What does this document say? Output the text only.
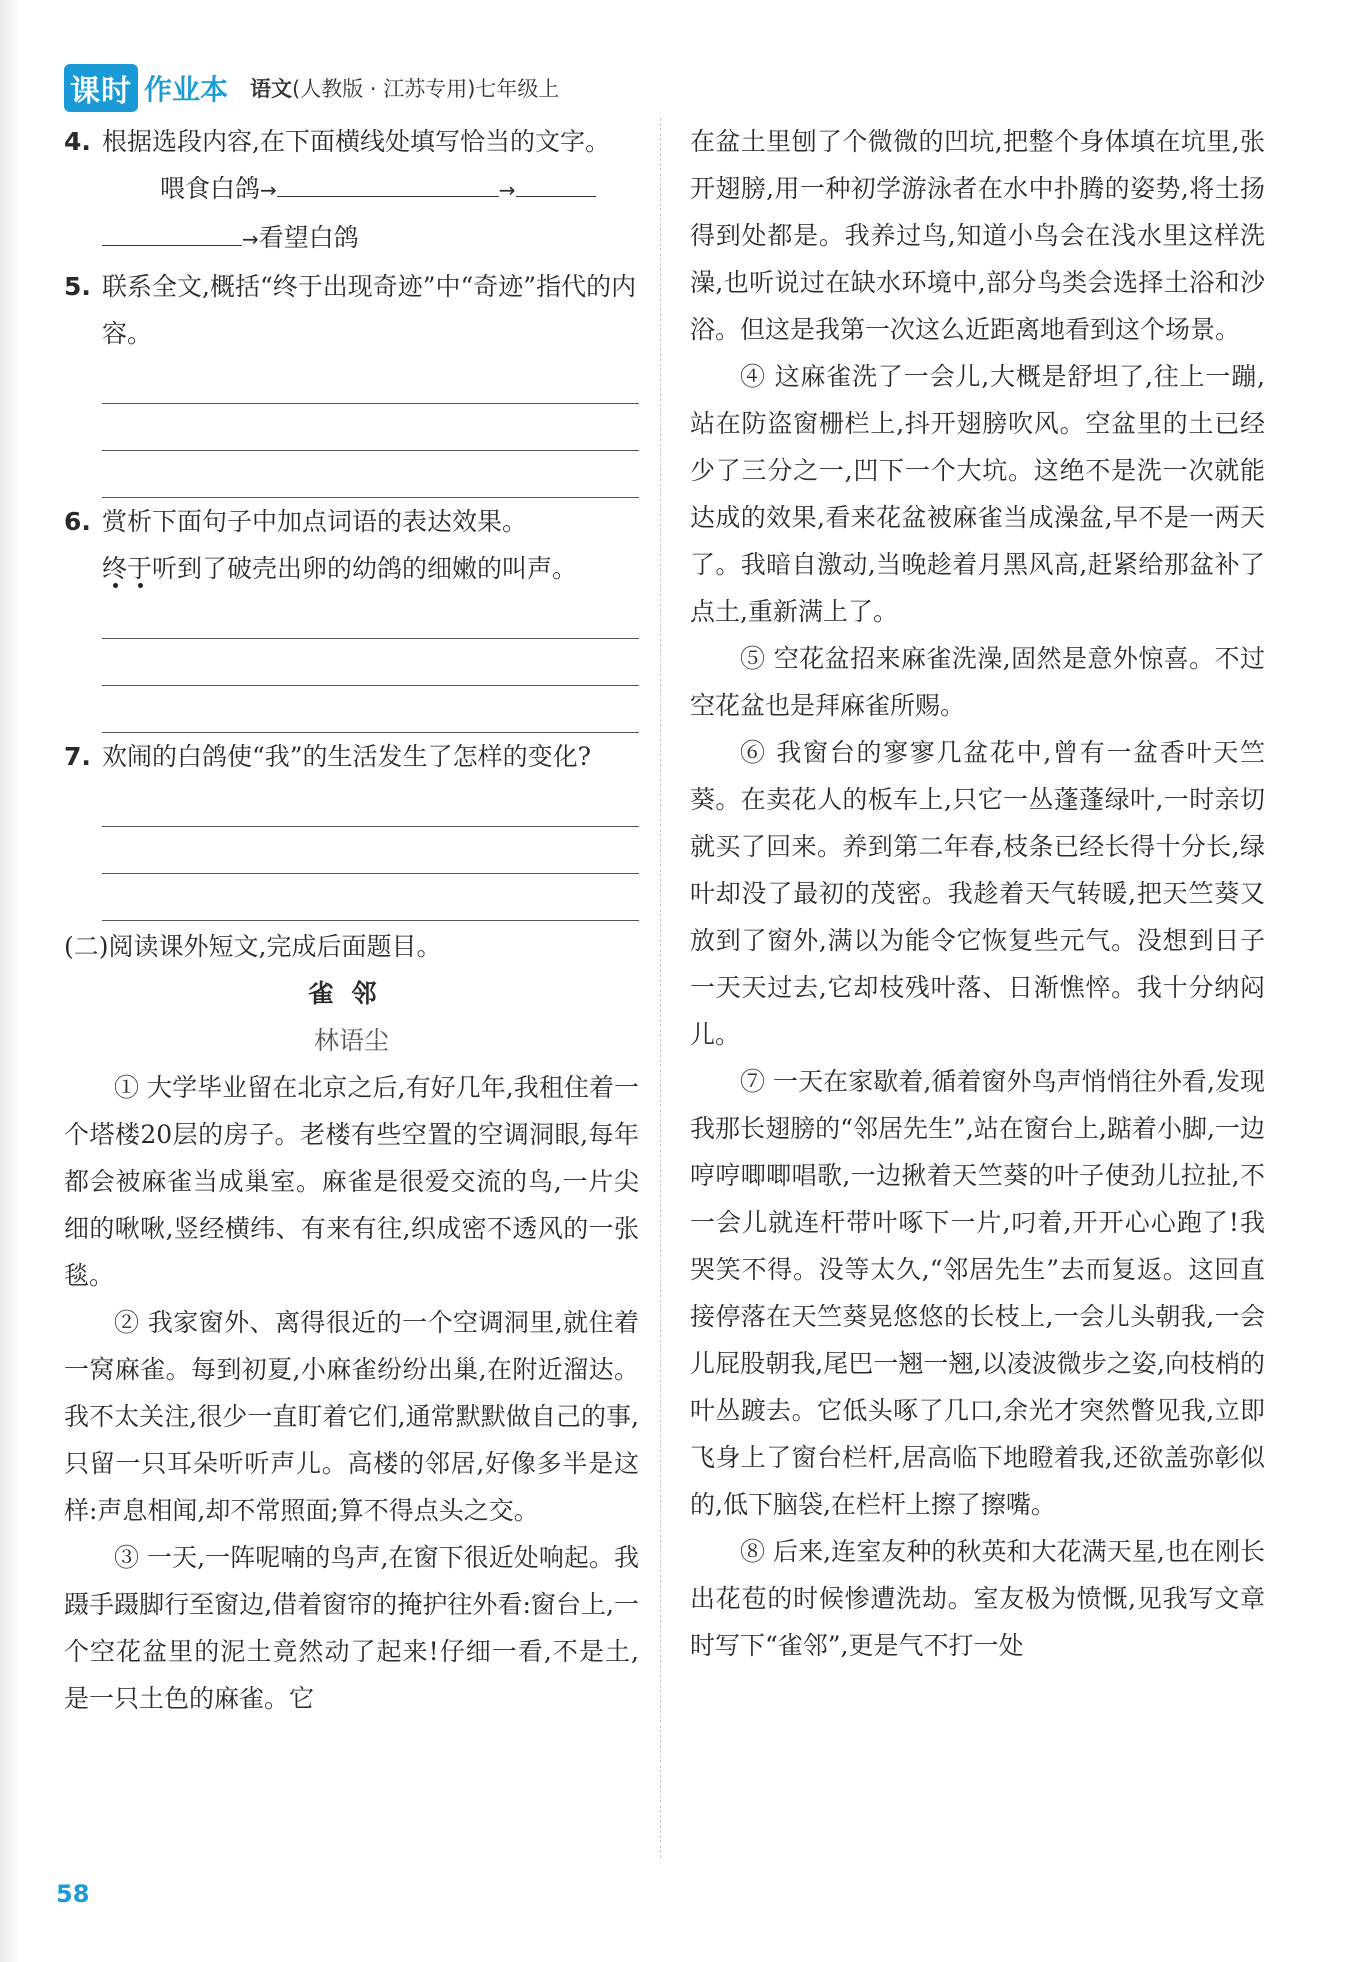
课时 作业本 语文(人教版 · 江苏专用)七年级上
4. 根据选段内容,在下面横线处填写恰当的文字。
喂食白鸽→	→
→看望白鸽
5. 联系全文,概括“终于出现奇迹”中“奇迹”指代的内容。
6. 赏析下面句子中加点词语的表达效果。
终于听到了破壳出卵的幼鸽的细嫩的叫声。
7. 欢闹的白鸽使“我”的生活发生了怎样的变化?
(二)阅读课外短文,完成后面题目。
雀邻
林语尘
① 大学毕业留在北京之后,有好几年,我租住着一个塔楼20层的房子。老楼有些空置的空调洞眼,每年都会被麻雀当成巢室。麻雀是很爱交流的鸟,一片尖细的啾啾,竖经横纬、有来有往,织成密不透风的一张毯。
② 我家窗外、离得很近的一个空调洞里,就住着一窝麻雀。每到初夏,小麻雀纷纷出巢,在附近溜达。我不太关注,很少一直盯着它们,通常默默做自己的事,只留一只耳朵听听声儿。高楼的邻居,好像多半是这样:声息相闻,却不常照面;算不得点头之交。
③ 一天,一阵呢喃的鸟声,在窗下很近处响起。我蹑手蹑脚行至窗边,借着窗帘的掩护往外看:窗台上,一个空花盆里的泥土竟然动了起来!仔细一看,不是土,是一只土色的麻雀。它
在盆土里刨了个微微的凹坑,把整个身体填在坑里,张开翅膀,用一种初学游泳者在水中扑腾的姿势,将土扬得到处都是。我养过鸟,知道小鸟会在浅水里这样洗澡,也听说过在缺水环境中,部分鸟类会选择土浴和沙浴。但这是我第一次这么近距离地看到这个场景。
④ 这麻雀洗了一会儿,大概是舒坦了,往上一蹦,站在防盗窗栅栏上,抖开翅膀吹风。空盆里的土已经少了三分之一,凹下一个大坑。这绝不是洗一次就能达成的效果,看来花盆被麻雀当成澡盆,早不是一两天了。我暗自激动,当晚趁着月黑风高,赶紧给那盆补了点土,重新满上了。
⑤ 空花盆招来麻雀洗澡,固然是意外惊喜。不过空花盆也是拜麻雀所赐。
⑥ 我窗台的寥寥几盆花中,曾有一盆香叶天竺葵。在卖花人的板车上,只它一丛蓬蓬绿叶,一时亲切就买了回来。养到第二年春,枝条已经长得十分长,绿叶却没了最初的茂密。我趁着天气转暖,把天竺葵又放到了窗外,满以为能令它恢复些元气。没想到日子一天天过去,它却枝残叶落、日渐憔悴。我十分纳闷儿。
⑦ 一天在家歇着,循着窗外鸟声悄悄往外看,发现我那长翅膀的“邻居先生”,站在窗台上,踮着小脚,一边哼哼唧唧唱歌,一边揪着天竺葵的叶子使劲儿拉扯,不一会儿就连杆带叶啄下一片,叼着,开开心心跑了!我哭笑不得。没等太久,“邻居先生”去而复返。这回直接停落在天竺葵晃悠悠的长枝上,一会儿头朝我,一会儿屁股朝我,尾巴一翘一翘,以凌波微步之姿,向枝梢的叶丛踱去。它低头啄了几口,余光才突然瞥见我,立即飞身上了窗台栏杆,居高临下地瞪着我,还欲盖弥彰似的,低下脑袋,在栏杆上擦了擦嘴。
⑧ 后来,连室友种的秋英和大花满天星,也在刚长出花苞的时候惨遭洗劫。室友极为愤慨,见我写文章时写下“雀邻”,更是气不打一处
58
